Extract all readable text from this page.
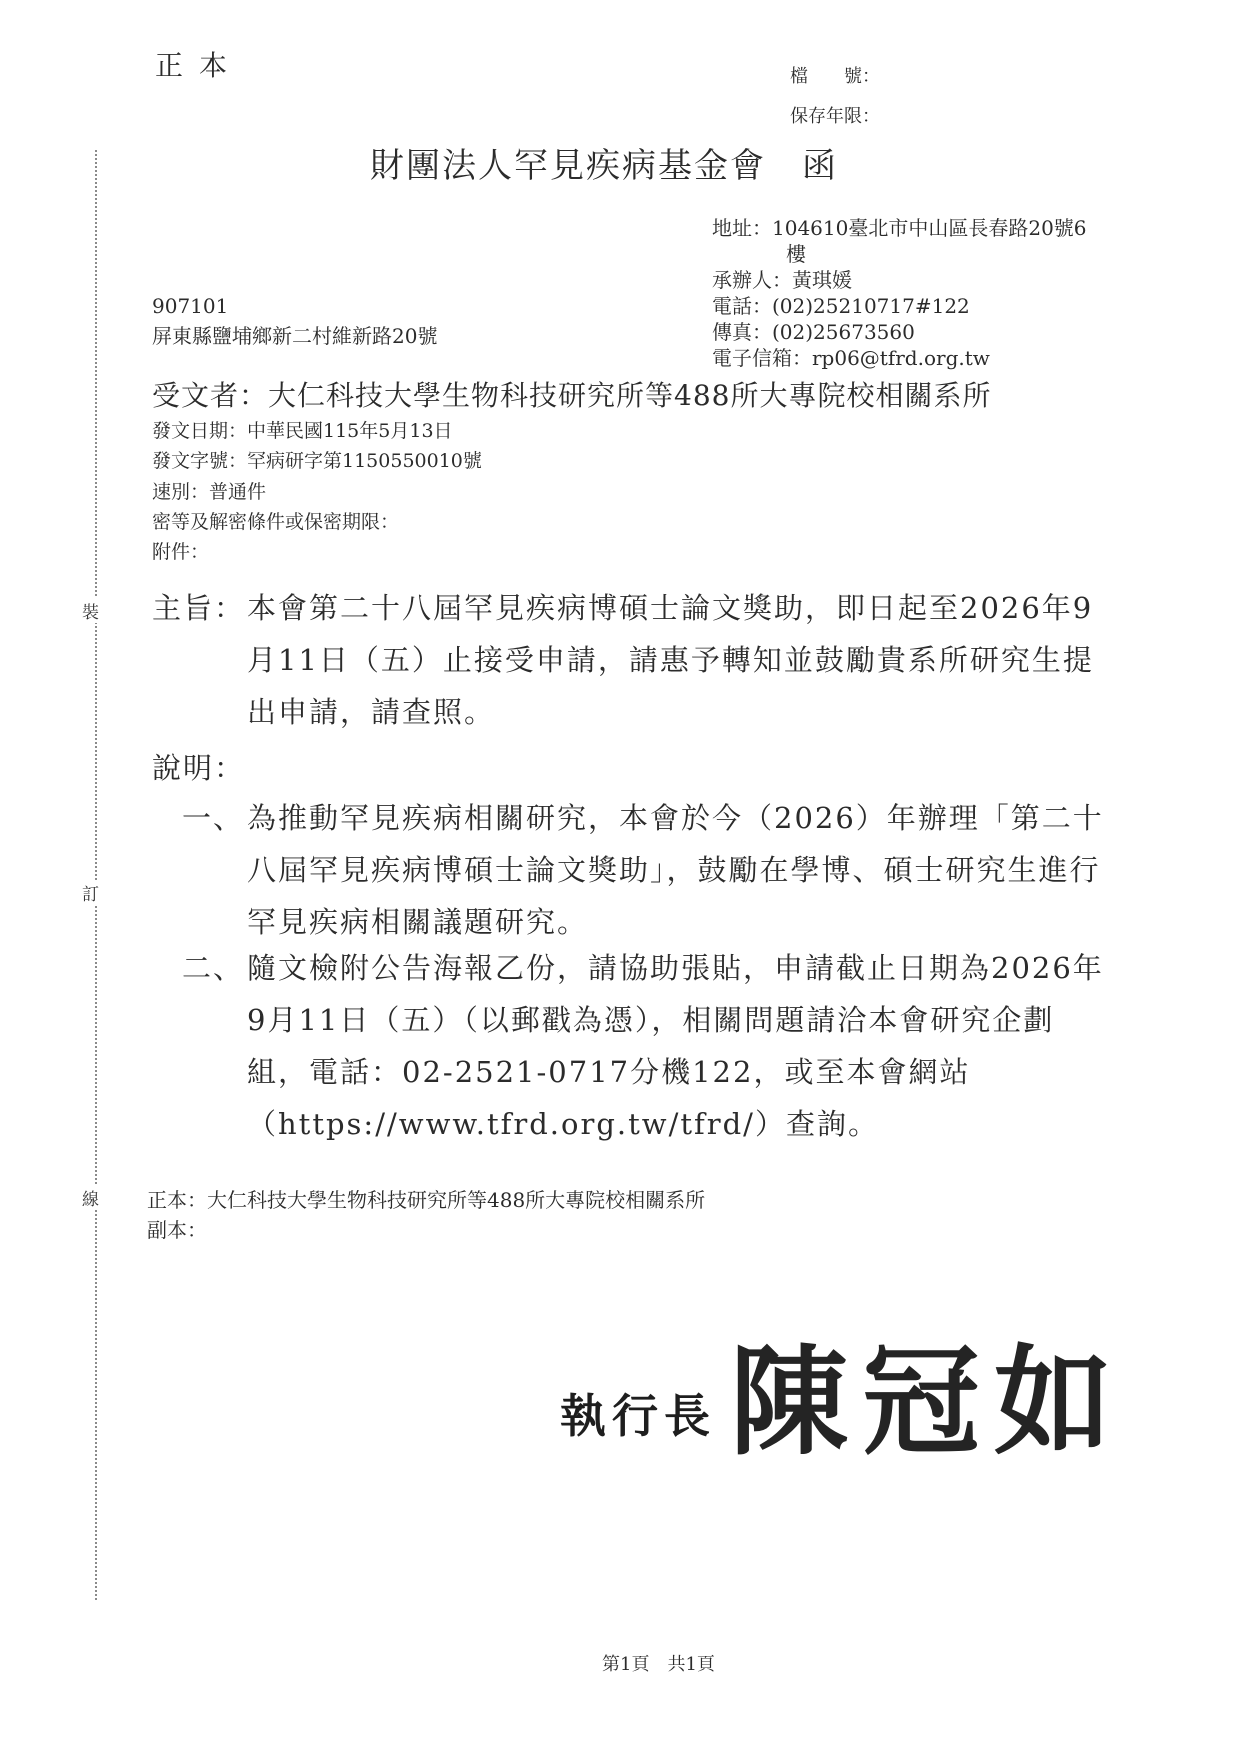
裝
訂
線
正本	檔　　號：
保存年限：
財團法人罕見疾病基金會 函
地址：104610臺北市中山區長春路20號6
樓
承辦人：黃琪媛
電話：(02)25210717#122
傳真：(02)25673560
電子信箱：rp06@tfrd.org.tw
907101
屏東縣鹽埔鄉新二村維新路20號
受文者：大仁科技大學生物科技研究所等488所大專院校相關系所
發文日期：中華民國115年5月13日
發文字號：罕病研字第1150550010號
速別：普通件
密等及解密條件或保密期限：
附件：
主旨： 本會第二十八屆罕見疾病博碩士論文獎助，即日起至2026年9月11日（五）止接受申請，請惠予轉知並鼓勵貴系所研究生提出申請，請查照。
說明：
一、 為推動罕見疾病相關研究，本會於今（2026）年辦理「第二十八屆罕見疾病博碩士論文獎助」，鼓勵在學博、碩士研究生進行罕見疾病相關議題研究。
二、 隨文檢附公告海報乙份，請協助張貼，申請截止日期為2026年9月11日（五）（以郵戳為憑），相關問題請洽本會研究企劃組，電話：02-2521-0717分機122，或至本會網站（https://www.tfrd.org.tw/tfrd/）查詢。
正本：大仁科技大學生物科技研究所等488所大專院校相關系所
副本：
執行長 陳冠如
第1頁　共1頁
